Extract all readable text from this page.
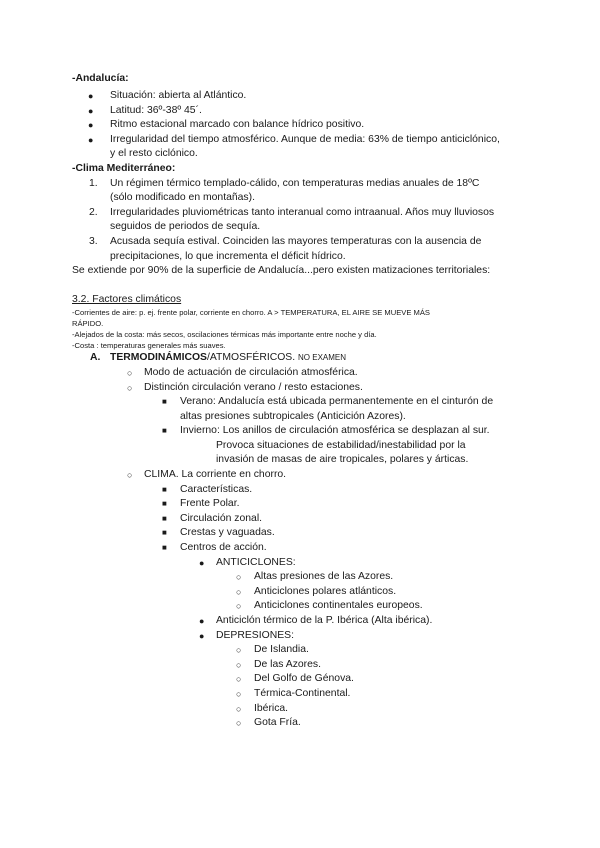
-Andalucía:
● Situación: abierta al Atlántico.
● Latitud: 36º-38º 45´.
● Ritmo estacional marcado con balance hídrico positivo.
● Irregularidad del tiempo atmosférico. Aunque de media: 63% de tiempo anticiclónico,
y el resto ciclónico.
-Clima Mediterráneo:
1. Un régimen térmico templado-cálido, con temperaturas medias anuales de 18ºC
(sólo modificado en montañas).
2. Irregularidades pluviométricas tanto interanual como intraanual. Años muy lluviosos
seguidos de periodos de sequía.
3. Acusada sequía estival. Coinciden las mayores temperaturas con la ausencia de
precipitaciones, lo que incrementa el déficit hídrico.
Se extiende por 90% de la superficie de Andalucía...pero existen matizaciones territoriales:
3.2. Factores climáticos
-Corrientes de aire: p. ej. frente polar, corriente en chorro. A > TEMPERATURA, EL AIRE SE MUEVE MÁS
RÁPIDO.
-Alejados de la costa: más secos, oscilaciones térmicas más importante entre noche y día.
-Costa : temperaturas generales más suaves.
A. TERMODINÁMICOS/ATMOSFÉRICOS. NO EXAMEN
○ Modo de actuación de circulación atmosférica.
○ Distinción circulación verano / resto estaciones.
■ Verano: Andalucía está ubicada permanentemente en el cinturón de
altas presiones subtropicales (Anticición Azores).
■ Invierno: Los anillos de circulación atmosférica se desplazan al sur.
Provoca situaciones de estabilidad/inestabilidad por la
invasión de masas de aire tropicales, polares y árticas.
○ CLIMA. La corriente en chorro.
■ Características.
■ Frente Polar.
■ Circulación zonal.
■ Crestas y vaguadas.
■ Centros de acción.
● ANTICICLONES:
○ Altas presiones de las Azores.
○ Anticiclones polares atlánticos.
○ Anticiclones continentales europeos.
● Anticiclón térmico de la P. Ibérica (Alta ibérica).
● DEPRESIONES:
○ De Islandia.
○ De las Azores.
○ Del Golfo de Génova.
○ Térmica-Continental.
○ Ibérica.
○ Gota Fría.
